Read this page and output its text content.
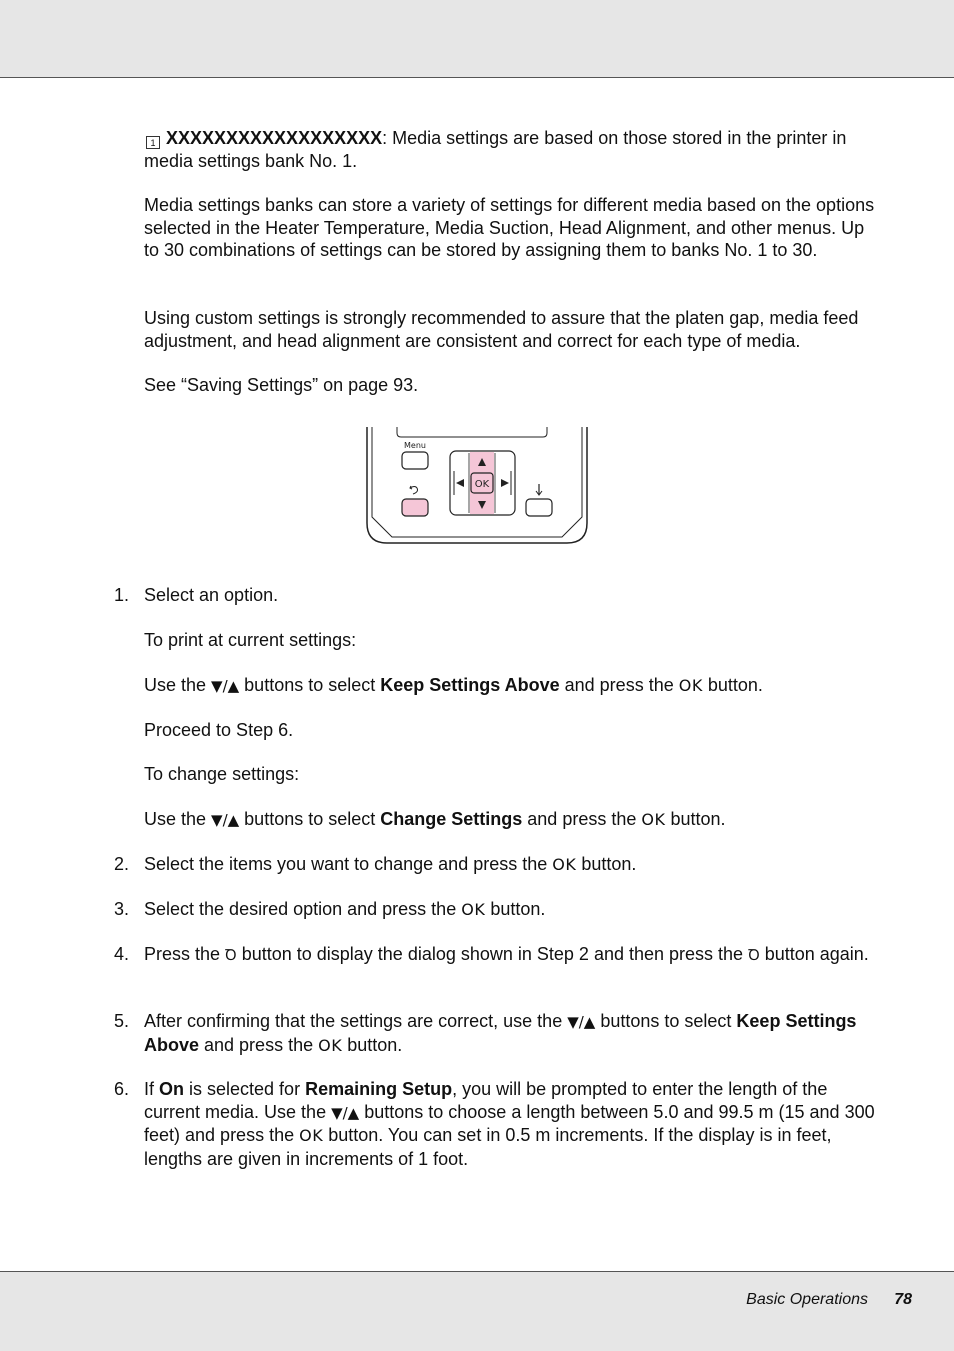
1 XXXXXXXXXXXXXXXXXX: Media settings are based on those stored in the printer in media settings bank No. 1.

Media settings banks can store a variety of settings for different media based on the options selected in the Heater Temperature, Media Suction, Head Alignment, and other menus. Up to 30 combinations of settings can be stored by assigning them to banks No. 1 to 30.

Using custom settings is strongly recommended to assure that the platen gap, media feed adjustment, and head alignment are consistent and correct for each type of media.

See “Saving Settings” on page 93.

Menu
OK

1. Select an option.

To print at current settings:

Use the ▼/▲ buttons to select Keep Settings Above and press the OK button.

Proceed to Step 6.

To change settings:

Use the ▼/▲ buttons to select Change Settings and press the OK button.

2. Select the items you want to change and press the OK button.

3. Select the desired option and press the OK button.

4. Press the Ꝺ button to display the dialog shown in Step 2 and then press the Ꝺ button again.

5. After confirming that the settings are correct, use the ▼/▲ buttons to select Keep Settings Above and press the OK button.

6. If On is selected for Remaining Setup, you will be prompted to enter the length of the current media. Use the ▼/▲ buttons to choose a length between 5.0 and 99.5 m (15 and 300 feet) and press the OK button. You can set in 0.5 m increments. If the display is in feet, lengths are given in increments of 1 foot.

Basic Operations 78
